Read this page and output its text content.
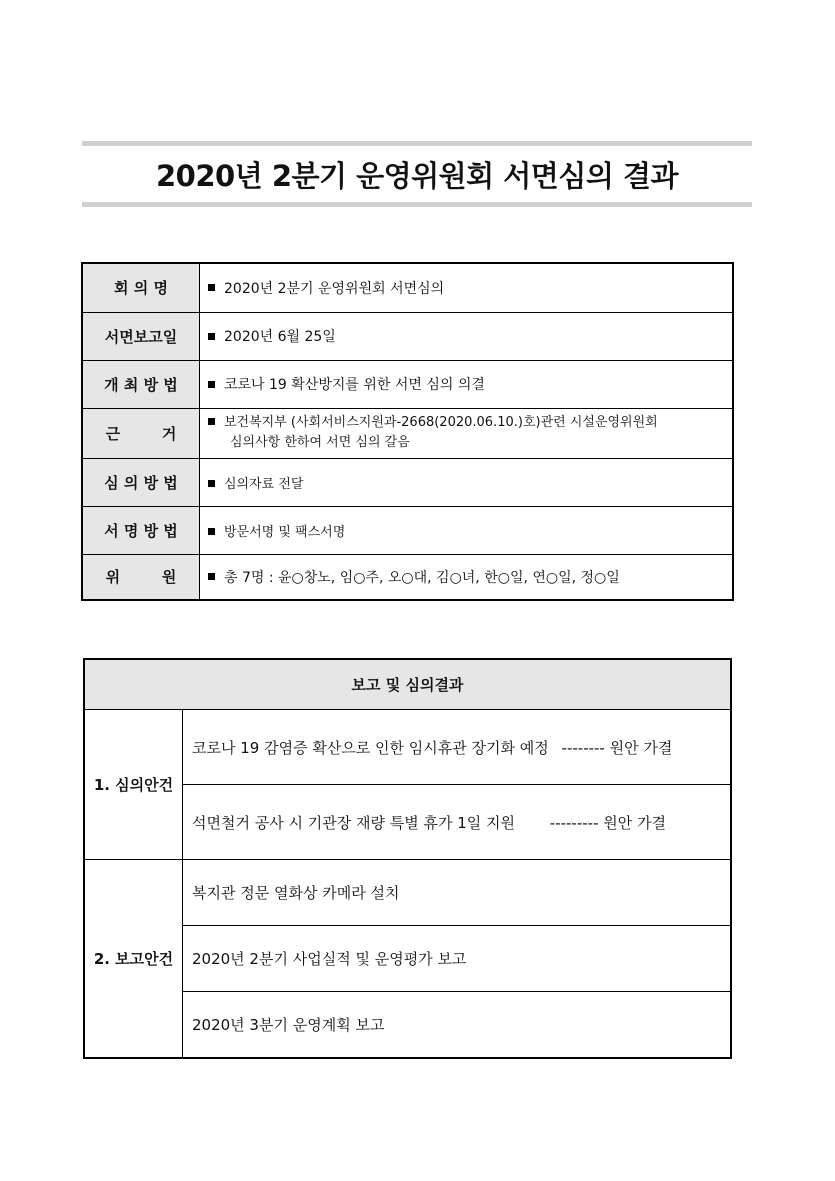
2020년 2분기 운영위원회 서면심의 결과
회 의 명	2020년 2분기 운영위원회 서면심의
서면보고일	2020년 6월 25일
개 최 방 법	코로나 19 확산방지를 위한 서면 심의 의결
근        거	보건복지부 (사회서비스지원과-2668(2020.06.10.)호)관련 시설운영위원회
심의사항 한하여 서면 심의 갈음

심 의 방 법	심의자료 전달
서 명 방 법	방문서명 및 팩스서명
위        원	총 7명 : 윤○창노, 임○주, 오○대, 김○녀, 한○일, 연○일, 정○일
보고 및 심의결과	
1. 심의안건	코로나 19 감염증 확산으로 인한 임시휴관 장기화 예정 -------- 원안 가결
	석면철거 공사 시 기관장 재량 특별 휴가 1일 지원 --------- 원안 가결
2. 보고안건	복지관 정문 열화상 카메라 설치
	2020년 2분기 사업실적 및 운영평가 보고
	2020년 3분기 운영계획 보고
